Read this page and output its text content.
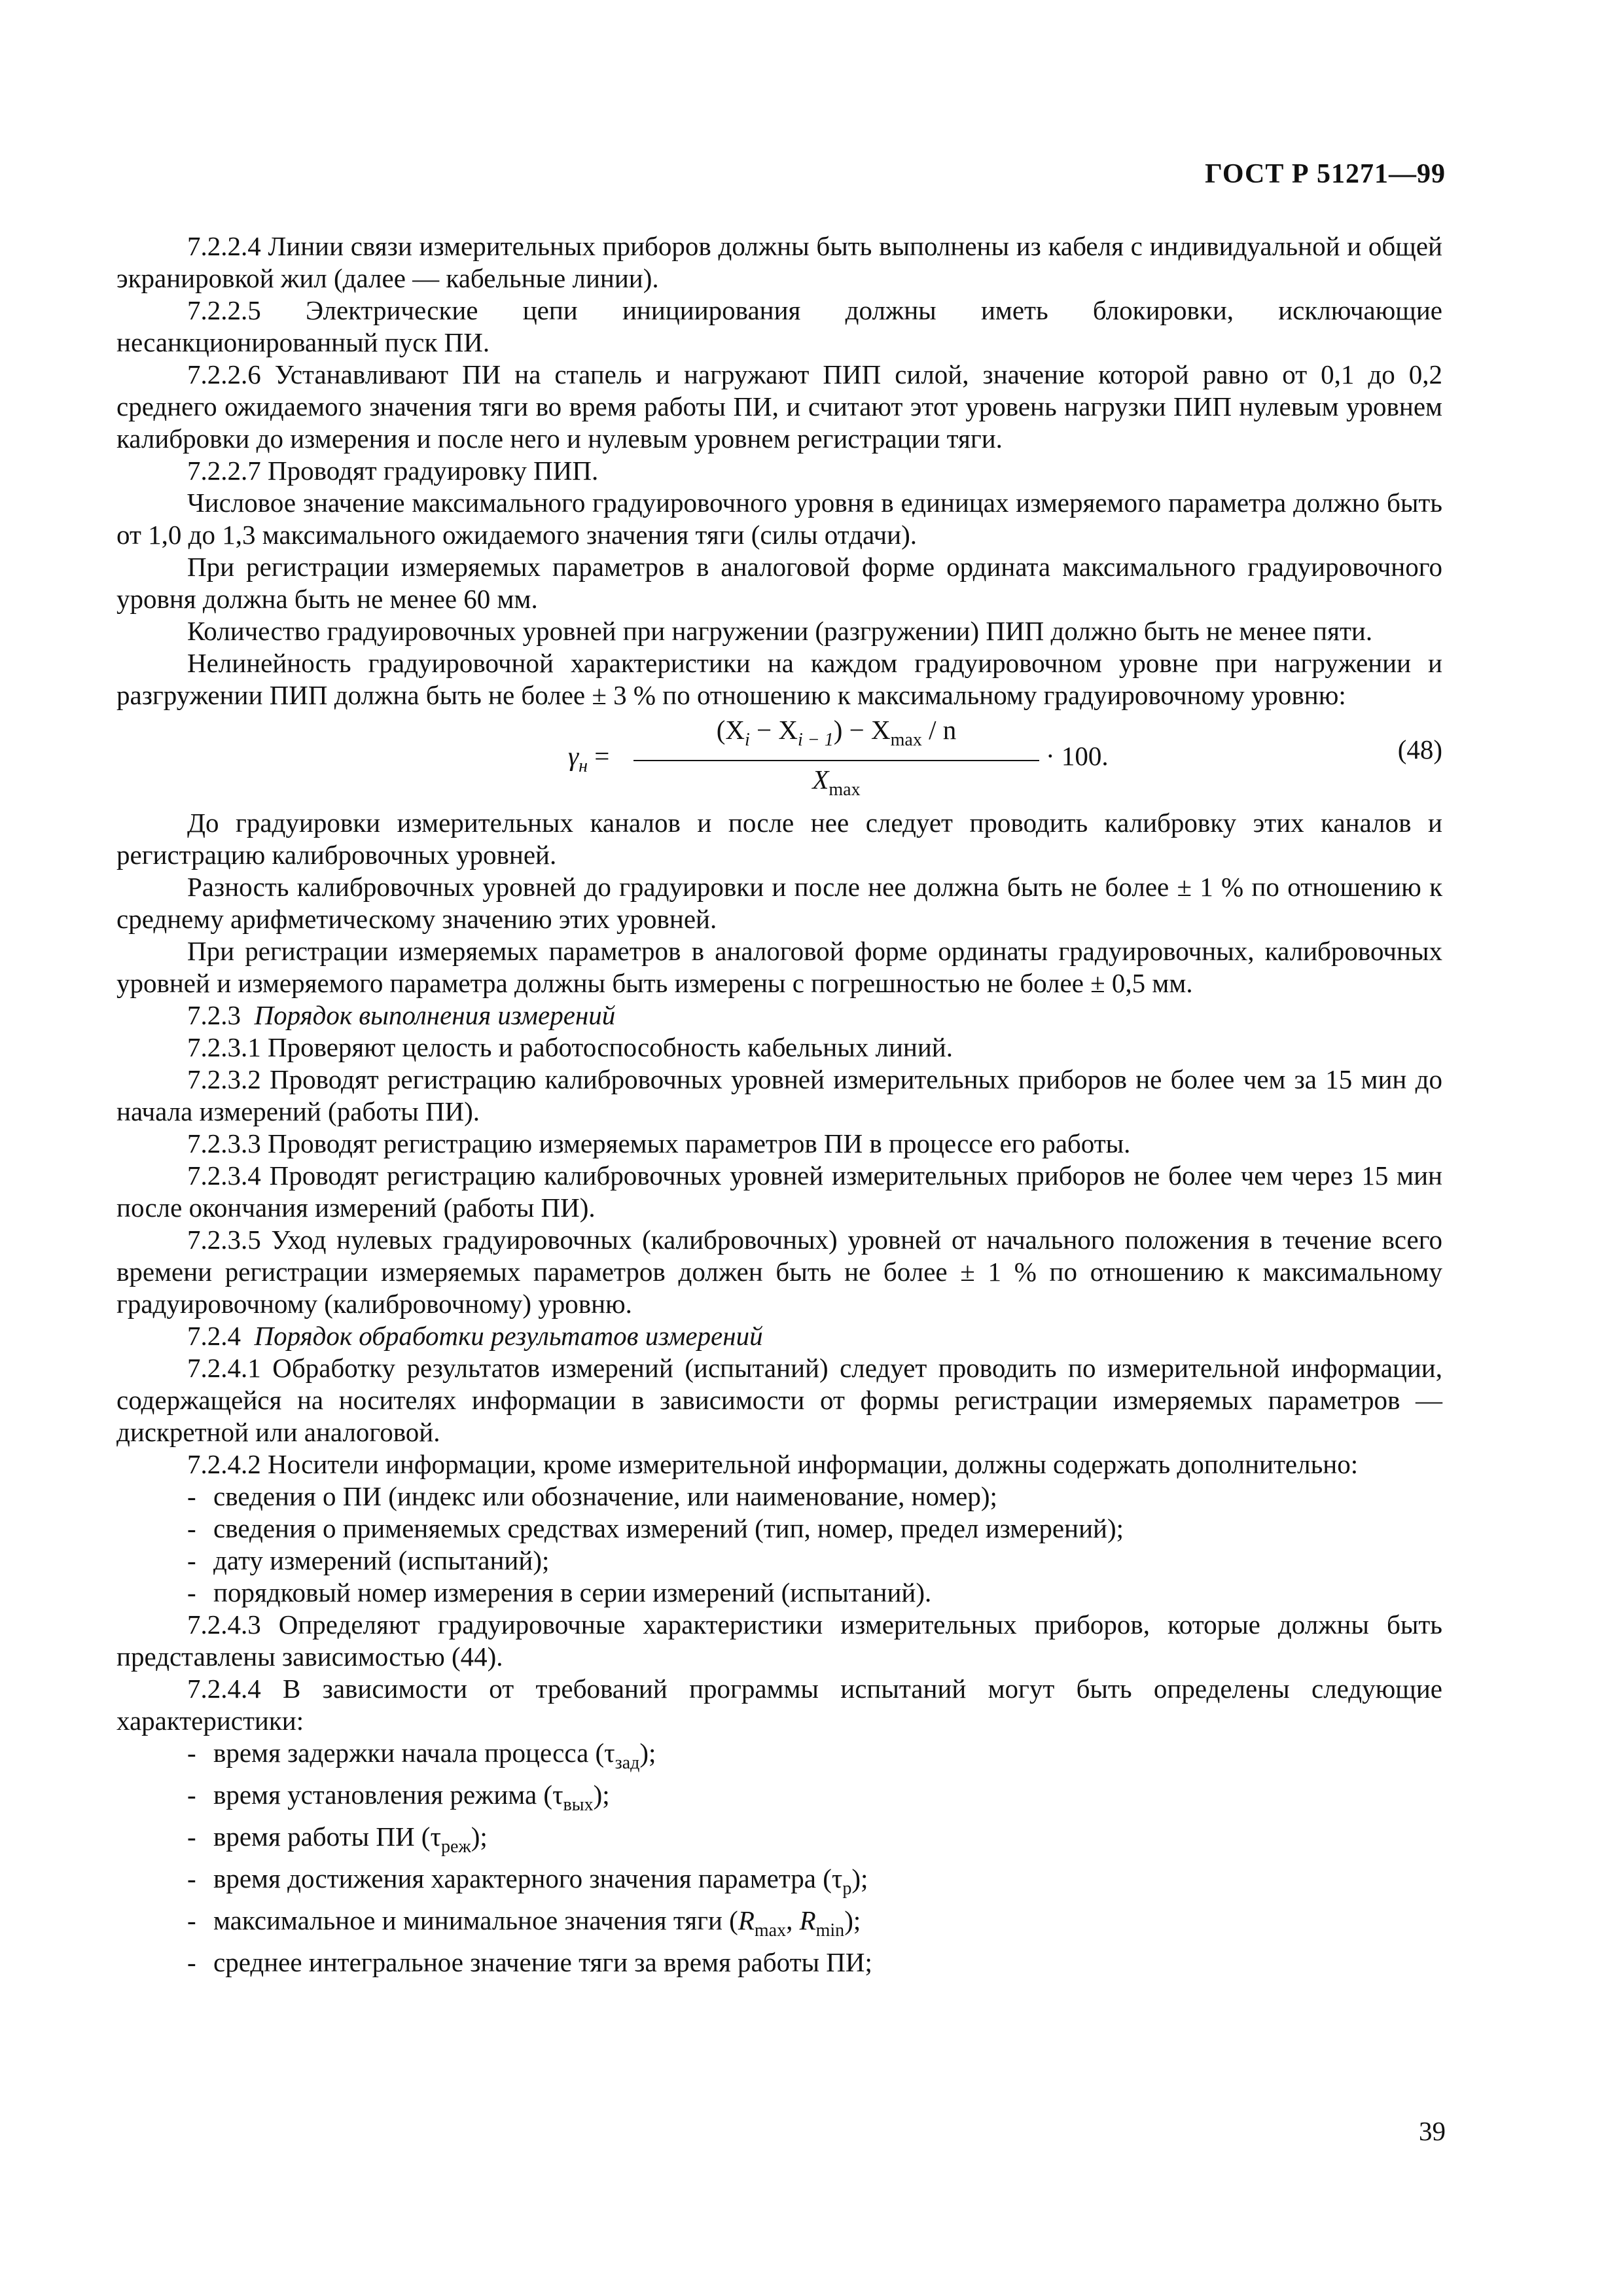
ГОСТ Р 51271—99

7.2.2.4 Линии связи измерительных приборов должны быть выполнены из кабеля с индивидуальной и общей экранировкой жил (далее — кабельные линии).

7.2.2.5 Электрические цепи инициирования должны иметь блокировки, исключающие несанкционированный пуск ПИ.

7.2.2.6 Устанавливают ПИ на стапель и нагружают ПИП силой, значение которой равно от 0,1 до 0,2 среднего ожидаемого значения тяги во время работы ПИ, и считают этот уровень нагрузки ПИП нулевым уровнем калибровки до измерения и после него и нулевым уровнем регистрации тяги.

7.2.2.7 Проводят градуировку ПИП.

Числовое значение максимального градуировочного уровня в единицах измеряемого параметра должно быть от 1,0 до 1,3 максимального ожидаемого значения тяги (силы отдачи).

При регистрации измеряемых параметров в аналоговой форме ордината максимального градуировочного уровня должна быть не менее 60 мм.

Количество градуировочных уровней при нагружении (разгружении) ПИП должно быть не менее пяти.

Нелинейность градуировочной характеристики на каждом градуировочном уровне при нагружении и разгружении ПИП должна быть не более ± 3 % по отношению к максимальному градуировочному уровню:

$\gamma_н$ =
$(X_i - X_{i - 1}) - X_{max} / n$
$X_{max}$
· 100.	(48)

До градуировки измерительных каналов и после нее следует проводить калибровку этих каналов и регистрацию калибровочных уровней.

Разность калибровочных уровней до градуировки и после нее должна быть не более ± 1 % по отношению к среднему арифметическому значению этих уровней.

При регистрации измеряемых параметров в аналоговой форме ординаты градуировочных, калибровочных уровней и измеряемого параметра должны быть измерены с погрешностью не более ± 0,5 мм.

7.2.3 Порядок выполнения измерений

7.2.3.1 Проверяют целость и работоспособность кабельных линий.

7.2.3.2 Проводят регистрацию калибровочных уровней измерительных приборов не более чем за 15 мин до начала измерений (работы ПИ).

7.2.3.3 Проводят регистрацию измеряемых параметров ПИ в процессе его работы.

7.2.3.4 Проводят регистрацию калибровочных уровней измерительных приборов не более чем через 15 мин после окончания измерений (работы ПИ).

7.2.3.5 Уход нулевых градуировочных (калибровочных) уровней от начального положения в течение всего времени регистрации измеряемых параметров должен быть не более ± 1 % по отношению к максимальному градуировочному (калибровочному) уровню.

7.2.4 Порядок обработки результатов измерений

7.2.4.1 Обработку результатов измерений (испытаний) следует проводить по измерительной информации, содержащейся на носителях информации в зависимости от формы регистрации измеряемых параметров — дискретной или аналоговой.

7.2.4.2 Носители информации, кроме измерительной информации, должны содержать дополнительно:

- сведения о ПИ (индекс или обозначение, или наименование, номер);
- сведения о применяемых средствах измерений (тип, номер, предел измерений);
- дату измерений (испытаний);
- порядковый номер измерения в серии измерений (испытаний).

7.2.4.3 Определяют градуировочные характеристики измерительных приборов, которые должны быть представлены зависимостью (44).

7.2.4.4 В зависимости от требований программы испытаний могут быть определены следующие характеристики:

- время задержки начала процесса $(\tau_{зад})$;
- время установления режима $(\tau_{вых})$;
- время работы ПИ $(\tau_{реж})$;
- время достижения характерного значения параметра $(\tau_р)$;
- максимальное и минимальное значения тяги ($R_{max}$, $R_{min}$);
- среднее интегральное значение тяги за время работы ПИ;
39
